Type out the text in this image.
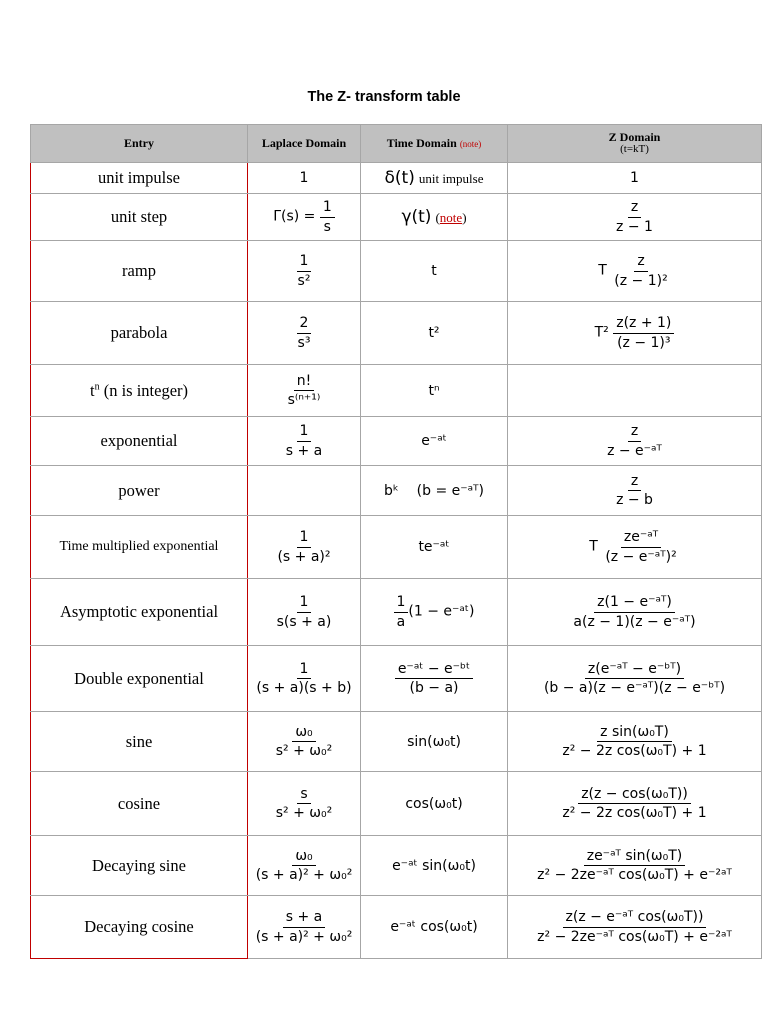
The Z- transform table
Entry	Laplace Domain	Time Domain (note)	Z Domain
(t=kT)

unit impulse	1	δ(t) unit impulse	1
unit step	$\Gamma(s) = \frac{1}{s}$	γ(t) (note)	$\frac{z}{z - 1}$

ramp	$\frac{1}{\text{s²}}$	t	T $\frac{z}{\text{(z − 1)²}}$

parabola	$\frac{2}{\text{s³}}$	t²	$T^2 \frac{z(z + 1)}{\text{(z − 1)³}}$

$t^n$ (n is integer)	$\frac{n!}{\text{s⁽ⁿ⁺¹⁾}}$	tⁿ	
exponential	$\frac{1}{s + a}$	e⁻ᵃᵗ	$\frac{z}{\text{z − e⁻ᵃᵀ}}$

power		bᵏ (b = e⁻ᵃᵀ)	$\frac{z}{z - b}$

Time multiplied exponential	$\frac{1}{\text{(s + a)²}}$	te⁻ᵃᵗ	T $\frac{\text{ze⁻ᵃᵀ}}{\text{(z − e⁻ᵃᵀ)²}}$

Asymptotic exponential	$\frac{1}{s(s + a)}$	$\frac{1}{a} (1$ − e⁻ᵃᵗ)	$\frac{\text{z(1 − e⁻ᵃᵀ)}}{\text{a(z − 1)(z − e⁻ᵃᵀ)}}$

Double exponential	$\frac{1}{(s + a)(s + b)}$	$\frac{\text{e⁻ᵃᵗ − e⁻ᵇᵗ}}{(b - a)}$	$\frac{\text{z(e⁻ᵃᵀ − e⁻ᵇᵀ)}}{\text{(b − a)(z − e⁻ᵃᵀ)(z − e⁻ᵇᵀ)}}$

sine	$\frac{\text{ω₀}}{\text{s² + ω₀²}}$	sin(ω₀t)	$\frac{\text{z sin(ω₀T)}}{\text{z² − 2z cos(ω₀T) + 1}}$

cosine	$\frac{s}{\text{s² + ω₀²}}$	cos(ω₀t)	$\frac{\text{z(z − cos(ω₀T))}}{\text{z² − 2z cos(ω₀T) + 1}}$

Decaying sine	$\frac{\text{ω₀}}{\text{(s + a)² + ω₀²}}$	e⁻ᵃᵗ sin(ω₀t)	$\frac{\text{ze⁻ᵃᵀ sin(ω₀T)}}{\text{z² − 2ze⁻ᵃᵀ cos(ω₀T) + e⁻²ᵃᵀ}}$

Decaying cosine	$\frac{s + a}{\text{(s + a)² + ω₀²}}$	e⁻ᵃᵗ cos(ω₀t)	$\frac{\text{z(z − e⁻ᵃᵀ cos(ω₀T))}}{\text{z² − 2ze⁻ᵃᵀ cos(ω₀T) + e⁻²ᵃᵀ}}$
